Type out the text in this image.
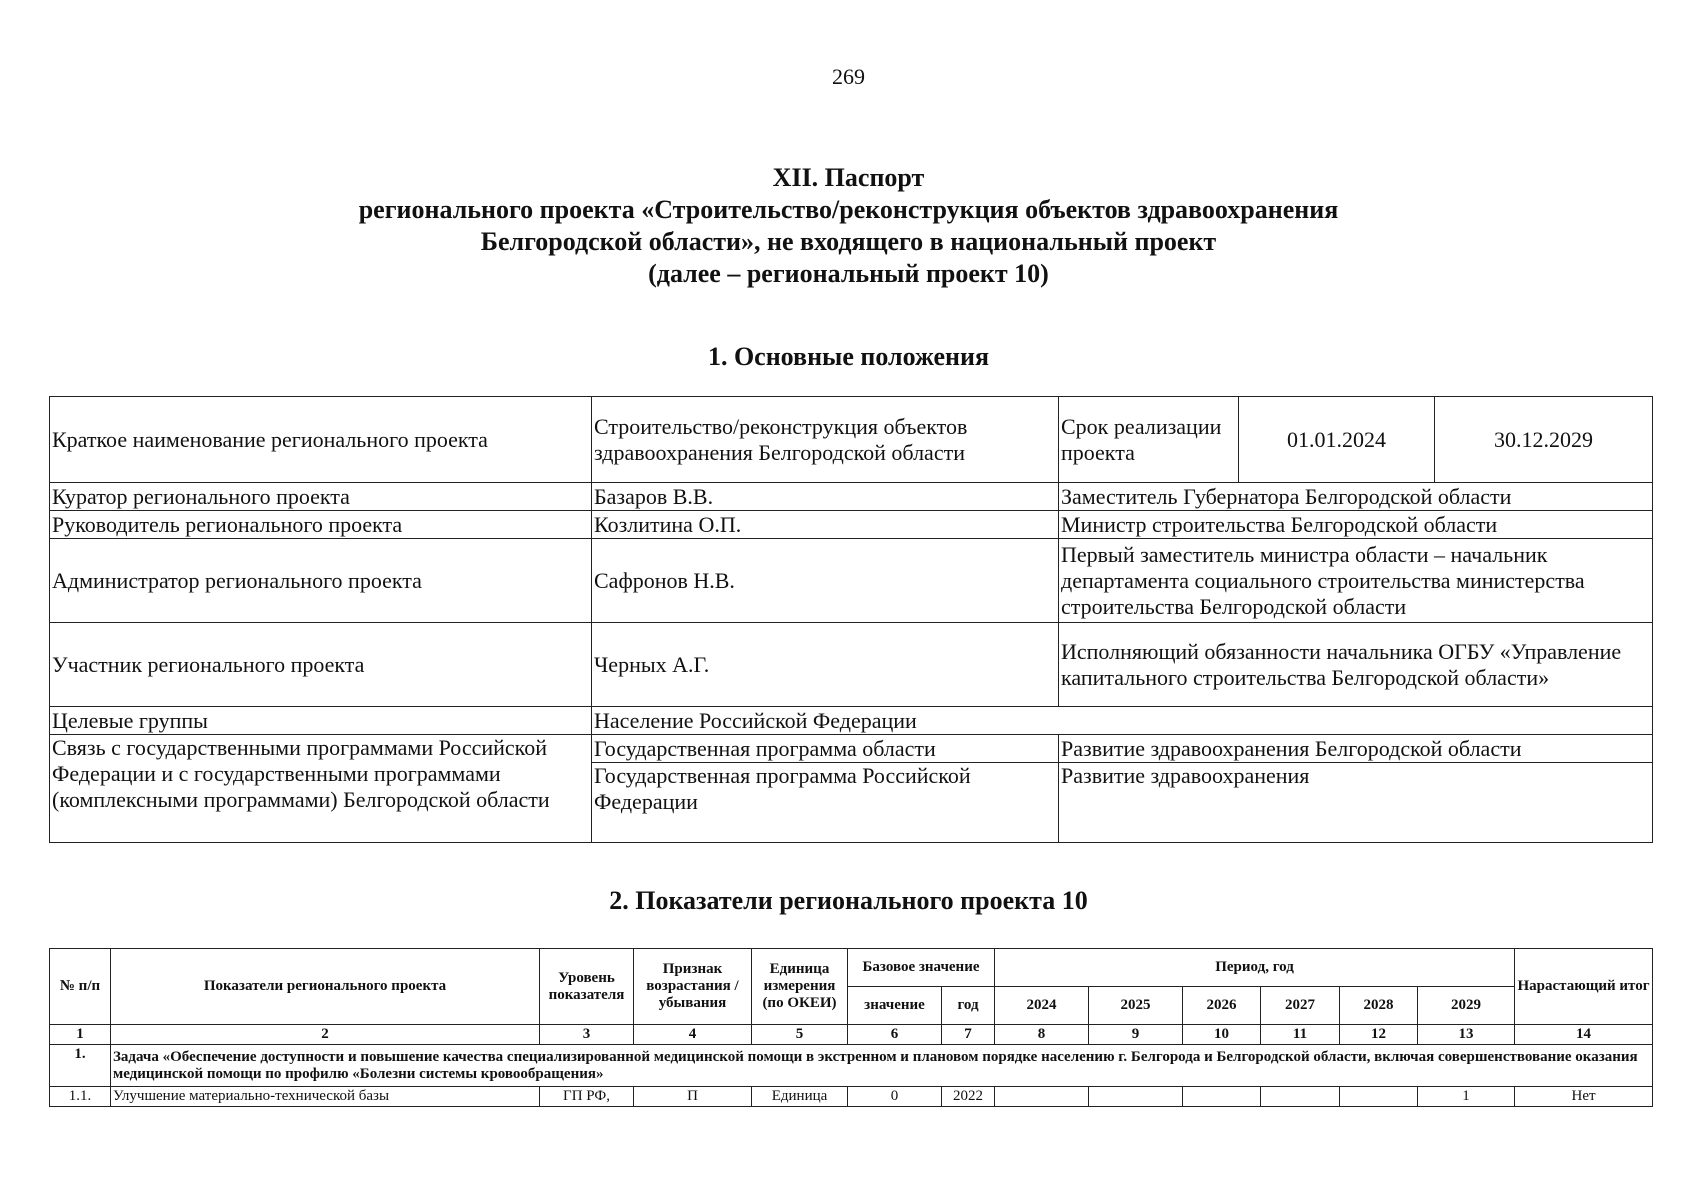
269
XII. Паспорт
регионального проекта «Строительство/реконструкция объектов здравоохранения
Белгородской области», не входящего в национальный проект
(далее – региональный проект 10)
1. Основные положения
Краткое наименование регионального проекта	Строительство/реконструкция объектов здравоохранения Белгородской области	Срок реализации проекта	01.01.2024	30.12.2029
Куратор регионального проекта	Базаров В.В.	Заместитель Губернатора Белгородской области		
Руководитель регионального проекта	Козлитина О.П.	Министр строительства Белгородской области		
Администратор регионального проекта	Сафронов Н.В.	Первый заместитель министра области – начальник департамента социального строительства министерства строительства Белгородской области		
Участник регионального проекта	Черных А.Г.	Исполняющий обязанности начальника ОГБУ «Управление капитального строительства Белгородской области»		
Целевые группы	Население Российской Федерации			
Связь с государственными программами Российской Федерации и с государственными программами (комплексными программами) Белгородской области	Государственная программа области	Развитие здравоохранения Белгородской области		
	Государственная программа Российской Федерации	Развитие здравоохранения		
2. Показатели регионального проекта 10
№ п/п	Показатели регионального проекта	Уровень показателя	Признак возрастания / убывания	Единица измерения (по ОКЕИ)	Базовое значение		Период, год						Нарастающий итог
					значение	год	2024	2025	2026	2027	2028	2029	
1	2	3	4	5	6	7	8	9	10	11	12	13	14
1.	Задача «Обеспечение доступности и повышение качества специализированной медицинской помощи в экстренном и плановом порядке населению г. Белгорода и Белгородской области, включая совершенствование оказания медицинской помощи по профилю «Болезни системы кровообращения»												
1.1.	Улучшение материально-технической базы	ГП РФ,	П	Единица	0	2022						1	Нет
